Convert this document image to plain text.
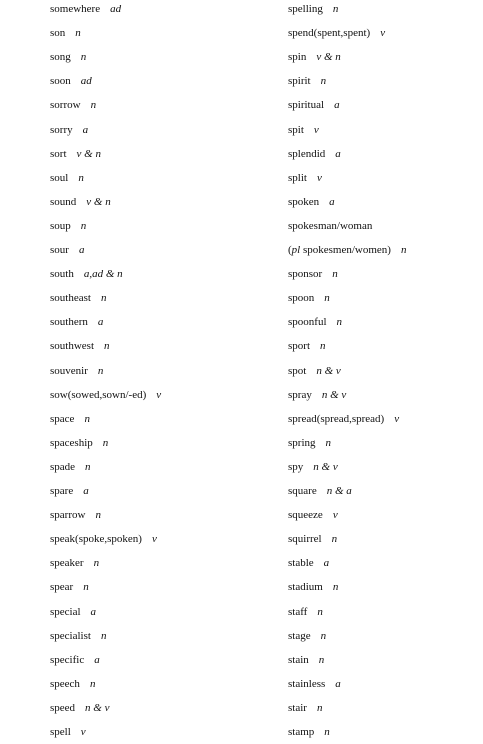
somewhere ad
son n
song n
soon ad
sorrow n
sorry a
sort v & n
soul n
sound v & n
soup n
sour a
south a,ad & n
southeast n
southern a
southwest n
souvenir n
sow(sowed,sown/-ed) v
space n
spaceship n
spade n
spare a
sparrow n
speak(spoke,spoken) v
speaker n
spear n
special a
specialist n
specific a
speech n
speed n & v
spell v
spelling n
spend(spent,spent) v
spin v & n
spirit n
spiritual a
spit v
splendid a
split v
spoken a
spokesman/woman
(pl spokesmen/women) n
sponsor n
spoon n
spoonful n
sport n
spot n & v
spray n & v
spread(spread,spread) v
spring n
spy n & v
square n & a
squeeze v
squirrel n
stable a
stadium n
staff n
stage n
stain n
stainless a
stair n
stamp n
